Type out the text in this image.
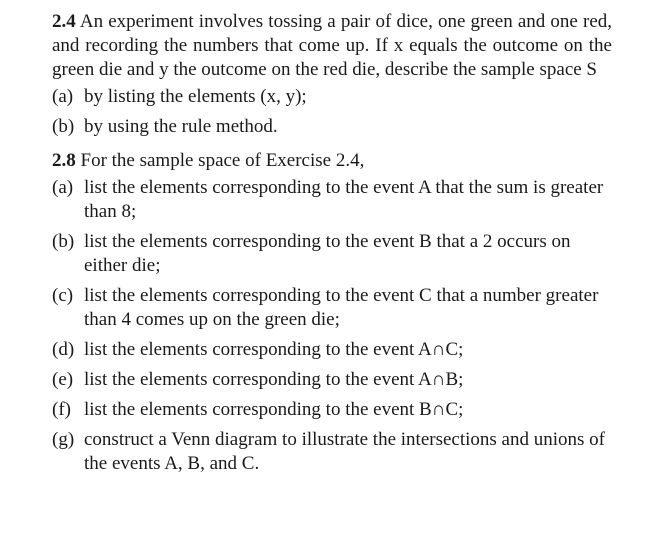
2.4 An experiment involves tossing a pair of dice, one green and one red, and recording the numbers that come up. If x equals the outcome on the green die and y the outcome on the red die, describe the sample space S
(a) by listing the elements (x, y);
(b) by using the rule method.
2.8 For the sample space of Exercise 2.4,
(a) list the elements corresponding to the event A that the sum is greater than 8;
(b) list the elements corresponding to the event B that a 2 occurs on either die;
(c) list the elements corresponding to the event C that a number greater than 4 comes up on the green die;
(d) list the elements corresponding to the event A∩C;
(e) list the elements corresponding to the event A∩B;
(f) list the elements corresponding to the event B∩C;
(g) construct a Venn diagram to illustrate the intersections and unions of the events A, B, and C.
